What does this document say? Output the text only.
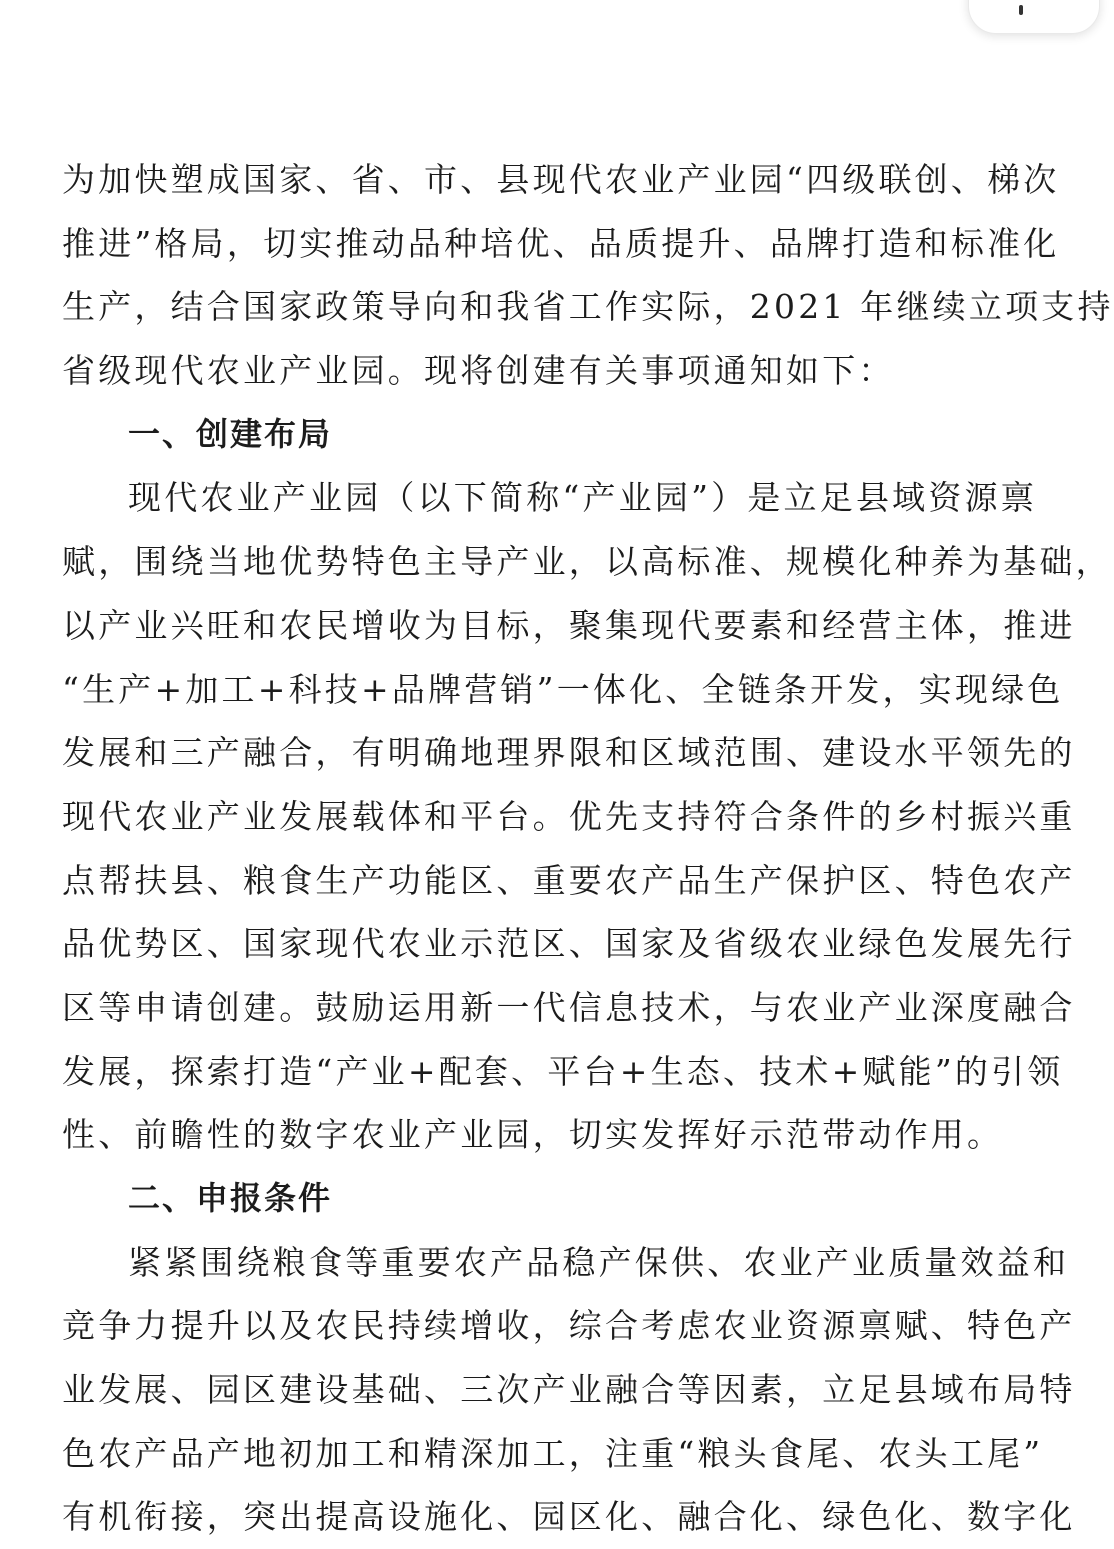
为加快塑成国家、省、市、县现代农业产业园“四级联创、梯次
推进”格局，切实推动品种培优、品质提升、品牌打造和标准化
生产，结合国家政策导向和我省工作实际，2021 年继续立项支持
省级现代农业产业园。现将创建有关事项通知如下：
一、创建布局
现代农业产业园（以下简称“产业园”）是立足县域资源禀
赋，围绕当地优势特色主导产业，以高标准、规模化种养为基础，
以产业兴旺和农民增收为目标，聚集现代要素和经营主体，推进
“生产+加工+科技+品牌营销”一体化、全链条开发，实现绿色
发展和三产融合，有明确地理界限和区域范围、建设水平领先的
现代农业产业发展载体和平台。优先支持符合条件的乡村振兴重
点帮扶县、粮食生产功能区、重要农产品生产保护区、特色农产
品优势区、国家现代农业示范区、国家及省级农业绿色发展先行
区等申请创建。鼓励运用新一代信息技术，与农业产业深度融合
发展，探索打造“产业+配套、平台+生态、技术+赋能”的引领
性、前瞻性的数字农业产业园，切实发挥好示范带动作用。
二、申报条件
紧紧围绕粮食等重要农产品稳产保供、农业产业质量效益和
竞争力提升以及农民持续增收，综合考虑农业资源禀赋、特色产
业发展、园区建设基础、三次产业融合等因素，立足县域布局特
色农产品产地初加工和精深加工，注重“粮头食尾、农头工尾”
有机衔接，突出提高设施化、园区化、融合化、绿色化、数字化
